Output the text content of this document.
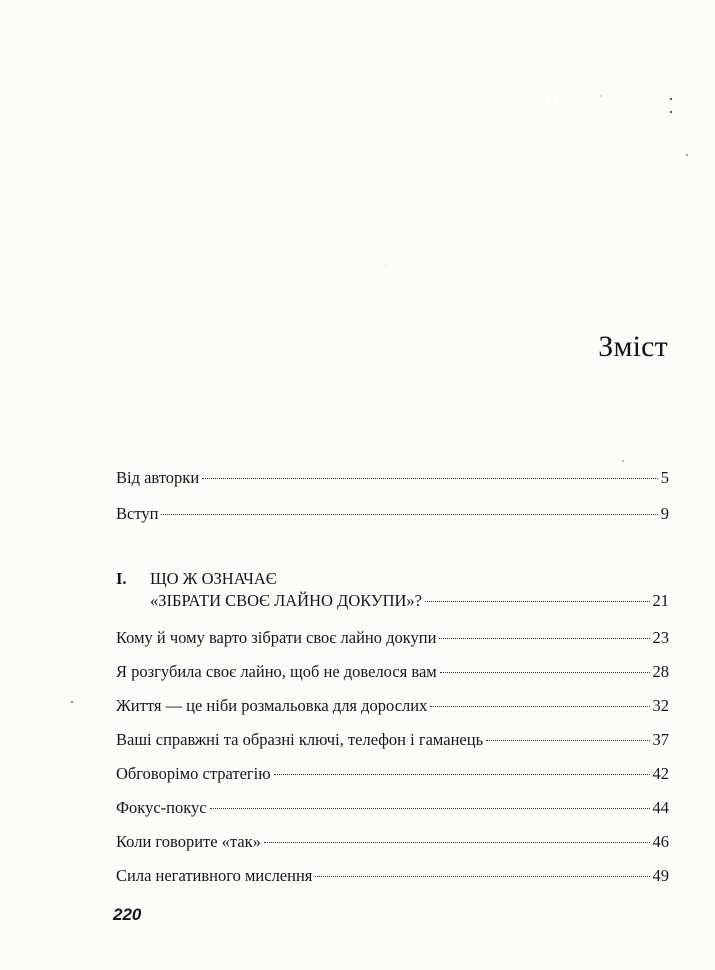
Зміст
Від авторки	5
Вступ	9
I.	ЩО Ж ОЗНАЧАЄ
«ЗІБРАТИ СВОЄ ЛАЙНО ДОКУПИ»?	21
Кому й чому варто зібрати своє лайно докупи	23
Я розгубила своє лайно, щоб не довелося вам	28
Життя — це ніби розмальовка для дорослих	32
Ваші справжні та образні ключі, телефон і гаманець	37
Обговорімо стратегію	42
Фокус-покус	44
Коли говорите «так»	46
Сила негативного мислення	49
220
